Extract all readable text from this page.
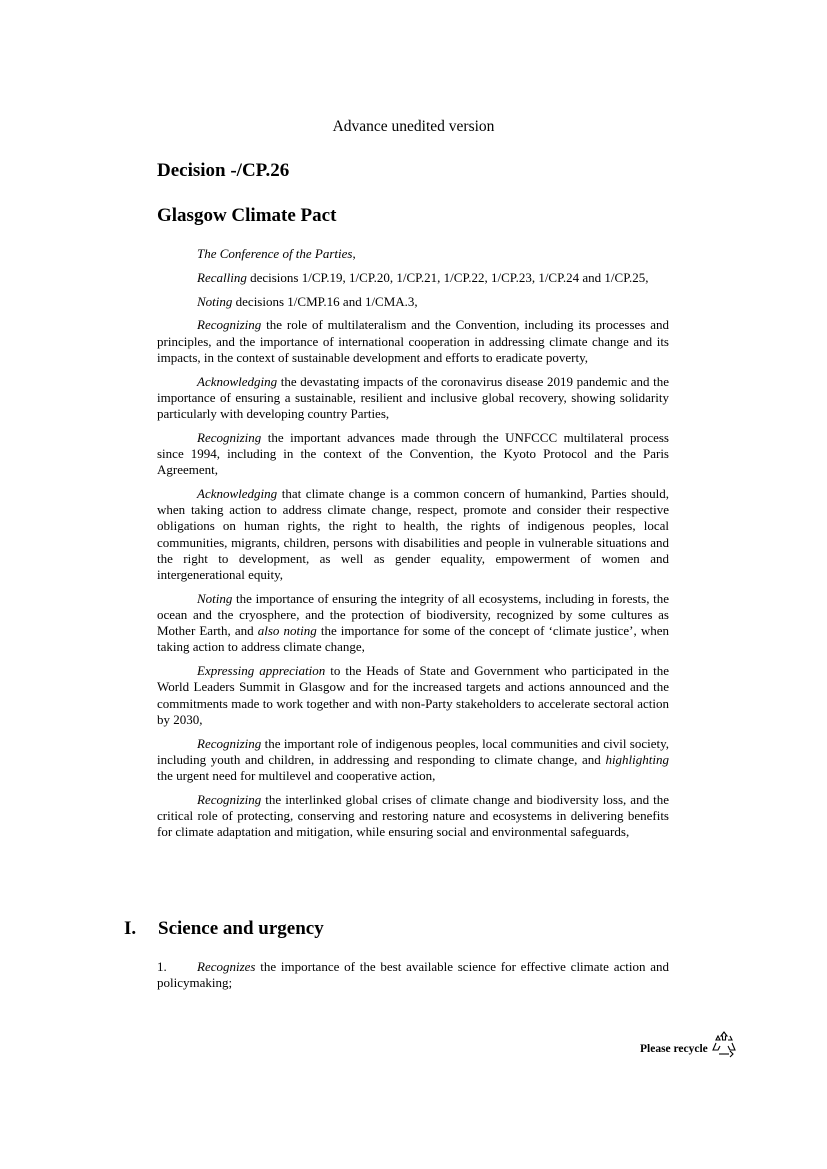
Advance unedited version
Decision -/CP.26
Glasgow Climate Pact

The Conference of the Parties,

Recalling decisions 1/CP.19, 1/CP.20, 1/CP.21, 1/CP.22, 1/CP.23, 1/CP.24 and 1/CP.25,

Noting decisions 1/CMP.16 and 1/CMA.3,

Recognizing the role of multilateralism and the Convention, including its processes and principles, and the importance of international cooperation in addressing climate change and its impacts, in the context of sustainable development and efforts to eradicate poverty,

Acknowledging the devastating impacts of the coronavirus disease 2019 pandemic and the importance of ensuring a sustainable, resilient and inclusive global recovery, showing solidarity particularly with developing country Parties,

Recognizing the important advances made through the UNFCCC multilateral process since 1994, including in the context of the Convention, the Kyoto Protocol and the Paris Agreement,

Acknowledging that climate change is a common concern of humankind, Parties should, when taking action to address climate change, respect, promote and consider their respective obligations on human rights, the right to health, the rights of indigenous peoples, local communities, migrants, children, persons with disabilities and people in vulnerable situations and the right to development, as well as gender equality, empowerment of women and intergenerational equity,

Noting the importance of ensuring the integrity of all ecosystems, including in forests, the ocean and the cryosphere, and the protection of biodiversity, recognized by some cultures as Mother Earth, and also noting the importance for some of the concept of ‘climate justice’, when taking action to address climate change,

Expressing appreciation to the Heads of State and Government who participated in the World Leaders Summit in Glasgow and for the increased targets and actions announced and the commitments made to work together and with non-Party stakeholders to accelerate sectoral action by 2030,

Recognizing the important role of indigenous peoples, local communities and civil society, including youth and children, in addressing and responding to climate change, and highlighting the urgent need for multilevel and cooperative action,

Recognizing the interlinked global crises of climate change and biodiversity loss, and the critical role of protecting, conserving and restoring nature and ecosystems in delivering benefits for climate adaptation and mitigation, while ensuring social and environmental safeguards,

I. Science and urgency

1. Recognizes the importance of the best available science for effective climate action and policymaking;

Please recycle
